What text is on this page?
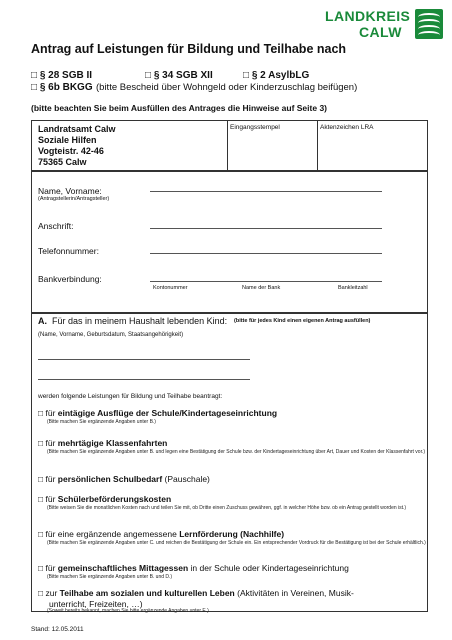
LANDKREIS
CALW
Antrag auf Leistungen für Bildung und Teilhabe nach
□ § 28 SGB II	□ § 34 SGB XII	□ § 2 AsylbLG
□ § 6b BKGG (bitte Bescheid über Wohngeld oder Kinderzuschlag beifügen)
(bitte beachten Sie beim Ausfüllen des Antrages die Hinweise auf Seite 3)
Landratsamt Calw
Soziale Hilfen
Vogteistr. 42-46
75365 Calw
Eingangsstempel	Aktenzeichen LRA
Name, Vorname:
(Antragstellerin/Antragsteller)
Anschrift:
Telefonnummer:
Bankverbindung:
Kontonummer	Name der Bank	Bankleitzahl
A. Für das in meinem Haushalt lebenden Kind: (bitte für jedes Kind einen eigenen Antrag ausfüllen)
(Name, Vorname, Geburtsdatum, Staatsangehörigkeit)
werden folgende Leistungen für Bildung und Teilhabe beantragt:
□ für eintägige Ausflüge der Schule/Kindertageseinrichtung
(Bitte machen Sie ergänzende Angaben unter B.)
□ für mehrtägige Klassenfahrten
(Bitte machen Sie ergänzende Angaben unter B. und legen eine Bestätigung der Schule bzw. der Kindertageseinrichtung über Art, Dauer und Kosten der Klassenfahrt vor.)
□ für persönlichen Schulbedarf (Pauschale)
□ für Schülerbeförderungskosten
(Bitte weisen Sie die monatlichen Kosten nach und teilen Sie mit, ob Dritte einen Zuschuss gewähren, ggf. in welcher Höhe bzw. ob ein Antrag gestellt worden ist.)
□ für eine ergänzende angemessene Lernförderung (Nachhilfe)
(Bitte machen Sie ergänzende Angaben unter C. und reichen die Bestätigung der Schule ein. Ein entsprechender Vordruck für die Bestätigung ist bei der Schule erhältlich.)
□ für gemeinschaftliches Mittagessen in der Schule oder Kindertageseinrichtung
(Bitte machen Sie ergänzende Angaben unter B. und D.)
□ zur Teilhabe am sozialen und kulturellen Leben (Aktivitäten in Vereinen, Musik-
unterricht, Freizeiten, …)
(Soweit bereits bekannt, machen Sie bitte ergänzende Angaben unter E.)
Stand: 12.05.2011
